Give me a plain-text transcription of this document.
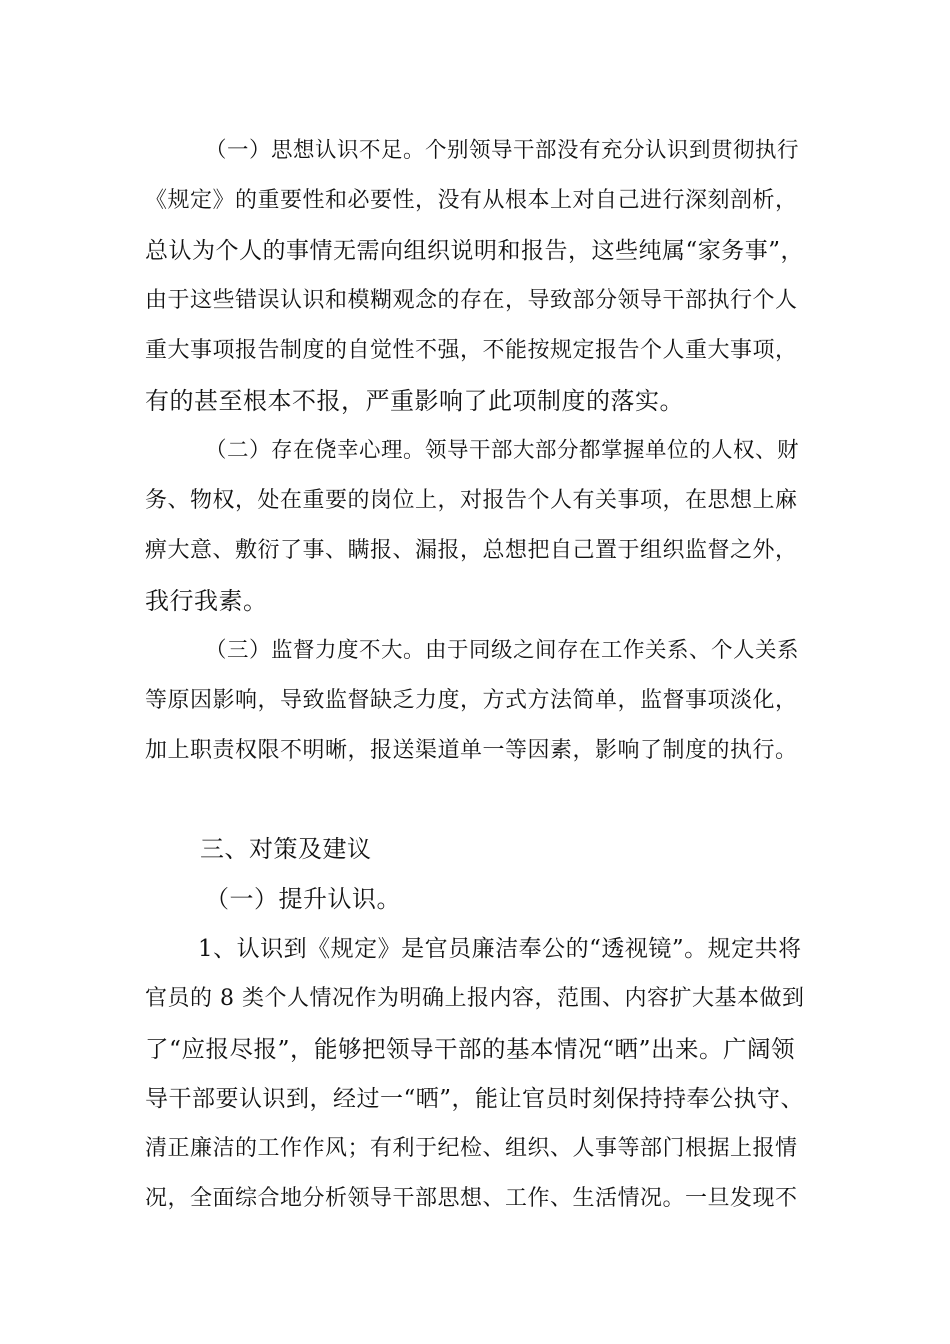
（一）思想认识不足。个别领导干部没有充分认识到贯彻执行
《规定》的重要性和必要性，没有从根本上对自己进行深刻剖析，
总认为个人的事情无需向组织说明和报告，这些纯属“家务事”，
由于这些错误认识和模糊观念的存在，导致部分领导干部执行个人
重大事项报告制度的自觉性不强，不能按规定报告个人重大事项，
有的甚至根本不报，严重影响了此项制度的落实。
（二）存在侥幸心理。领导干部大部分都掌握单位的人权、财
务、物权，处在重要的岗位上，对报告个人有关事项，在思想上麻
痹大意、敷衍了事、瞒报、漏报，总想把自己置于组织监督之外，
我行我素。
（三）监督力度不大。由于同级之间存在工作关系、个人关系
等原因影响，导致监督缺乏力度，方式方法简单，监督事项淡化，
加上职责权限不明晰，报送渠道单一等因素，影响了制度的执行。
三、对策及建议
（一）提升认识。
1、认识到《规定》是官员廉洁奉公的“透视镜”。规定共将
官员的 8 类个人情况作为明确上报内容，范围、内容扩大基本做到
了“应报尽报”，能够把领导干部的基本情况“晒”出来。广阔领
导干部要认识到，经过一“晒”，能让官员时刻保持持奉公执守、
清正廉洁的工作作风；有利于纪检、组织、人事等部门根据上报情
况，全面综合地分析领导干部思想、工作、生活情况。一旦发现不
